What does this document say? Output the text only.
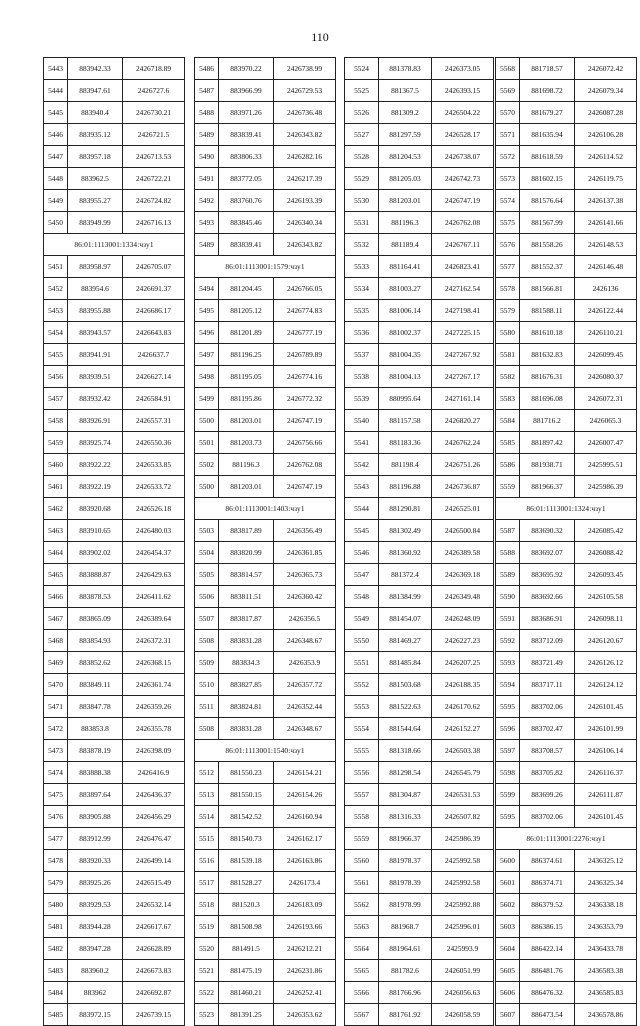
110
5443	883942.33	2426718.89
5444	883947.61	2426727.6
5445	883940.4	2426730.21
5446	883935.12	2426721.5
5447	883957.18	2426713.53
5448	883962.5	2426722.21
5449	883955.27	2426724.82
5450	883949.99	2426716.13
86:01:1113001:1334:чзу1		
5451	883958.97	2426705.07
5452	883954.6	2426691.37
5453	883955.88	2426686.17
5454	883943.57	2426643.83
5455	883941.91	2426637.7
5456	883939.51	2426627.14
5457	883932.42	2426584.91
5458	883926.91	2426557.31
5459	883925.74	2426550.36
5460	883922.22	2426533.85
5461	883922.19	2426533.72
5462	883920.68	2426526.18
5463	883910.65	2426480.03
5464	883902.02	2426454.37
5465	883888.87	2426429.63
5466	883878.53	2426411.62
5467	883865.09	2426389.64
5468	883854.93	2426372.31
5469	883852.62	2426368.15
5470	883849.11	2426361.74
5471	883847.78	2426359.26
5472	883853.8	2426355.78
5473	883878.19	2426398.09
5474	883888.38	2426416.9
5475	883897.64	2426436.37
5476	883905.88	2426456.29
5477	883912.99	2426476.47
5478	883920.33	2426499.14
5479	883925.26	2426515.49
5480	883929.53	2426532.14
5481	883944.28	2426617.67
5482	883947.28	2426628.89
5483	883960.2	2426673.83
5484	883962	2426692.87
5485	883972.15	2426739.15
5486	883970.22	2426738.99
5487	883966.99	2426729.53
5488	883971.26	2426736.48
5489	883839.41	2426343.82
5490	883806.33	2426282.16
5491	883772.05	2426217.39
5492	883760.76	2426193.39
5493	883845.46	2426340.34
5489	883839.41	2426343.82
86:01:1113001:1579:чзу1		
5494	881204.45	2426766.05
5495	881205.12	2426774.83
5496	881201.89	2426777.19
5497	881196.25	2426789.89
5498	881195.05	2426774.16
5499	881195.86	2426772.32
5500	881203.01	2426747.19
5501	881203.73	2426756.66
5502	881196.3	2426762.08
5500	881203.01	2426747.19
86:01:1113001:1403:чзу1		
5503	883817.89	2426356.49
5504	883820.99	2426361.85
5505	883814.57	2426365.73
5506	883811.51	2426360.42
5507	883817.87	2426356.5
5508	883831.28	2426348.67
5509	883834.3	2426353.9
5510	883827.85	2426357.72
5511	883824.81	2426352.44
5508	883831.28	2426348.67
86:01:1113001:1540:чзу1		
5512	881550.23	2426154.21
5513	881550.15	2426154.26
5514	881542.52	2426160.94
5515	881540.73	2426162.17
5516	881539.18	2426163.86
5517	881528.27	2426173.4
5518	881520.3	2426183.09
5519	881508.98	2426193.66
5520	881491.5	2426212.21
5521	881475.19	2426231.86
5522	881460.21	2426252.41
5523	881391.25	2426353.62
5524	881378.83	2426373.05
5525	881367.5	2426393.15
5526	881309.2	2426504.22
5527	881297.59	2426528.17
5528	881204.53	2426738.07
5529	881205.03	2426742.73
5530	881203.01	2426747.19
5531	881196.3	2426762.08
5532	881189.4	2426767.11
5533	881164.41	2426823.41
5534	881003.27	2427162.54
5535	881006.14	2427198.41
5536	881002.37	2427225.15
5537	881004.35	2427267.92
5538	881004.13	2427267.17
5539	880995.64	2427161.14
5540	881157.58	2426820.27
5541	881183.36	2426762.24
5542	881198.4	2426751.26
5543	881196.88	2426736.87
5544	881290.81	2426525.01
5545	881302.49	2426500.84
5546	881360.92	2426389.58
5547	881372.4	2426369.18
5548	881384.99	2426349.48
5549	881454.07	2426248.09
5550	881469.27	2426227.23
5551	881485.84	2426207.25
5552	881503.68	2426188.35
5553	881522.63	2426170.62
5554	881544.64	2426152.27
5555	881318.66	2426503.38
5556	881298.54	2426545.79
5557	881304.87	2426531.53
5558	881316.33	2426507.82
5559	881966.37	2425986.39
5560	881978.37	2425992.58
5561	881978.39	2425992.58
5562	881978.99	2425992.88
5563	881968.7	2425996.01
5564	881964.61	2425993.9
5565	881782.6	2426051.99
5566	881766.96	2426056.63
5567	881761.92	2426058.59
5568	881718.57	2426072.42
5569	881698.72	2426079.34
5570	881679.27	2426087.28
5571	881635.94	2426106.28
5572	881618.59	2426114.52
5573	881602.15	2426119.75
5574	881576.64	2426137.38
5575	881567.99	2426141.66
5576	881558.26	2426148.53
5577	881552.37	2426146.48
5578	881566.81	2426136
5579	881588.11	2426122.44
5580	881610.18	2426110.21
5581	881632.83	2426099.45
5582	881676.31	2426080.37
5583	881696.08	2426072.31
5584	881716.2	2426065.3
5585	881897.42	2426007.47
5586	881938.71	2425995.51
5559	881966.37	2425986.39
86:01:1113001:1324:чзу1		
5587	883690.32	2426085.42
5588	883692.07	2426088.42
5589	883695.92	2426093.45
5590	883692.66	2426105.58
5591	883686.91	2426098.11
5592	883712.09	2426120.67
5593	883721.49	2426126.12
5594	883717.11	2426124.12
5595	883702.06	2426101.45
5596	883702.47	2426101.99
5597	883708.57	2426106.14
5598	883705.82	2426116.37
5599	883699.26	2426111.87
5595	883702.06	2426101.45
86:01:1113001:2276:чзу1		
5600	886374.61	2436325.12
5601	886374.71	2436325.34
5602	886379.52	2436338.18
5603	886386.15	2436353.79
5604	886422.14	2436433.78
5605	886481.76	2436583.38
5606	886476.32	2436585.83
5607	886473.54	2436578.86
